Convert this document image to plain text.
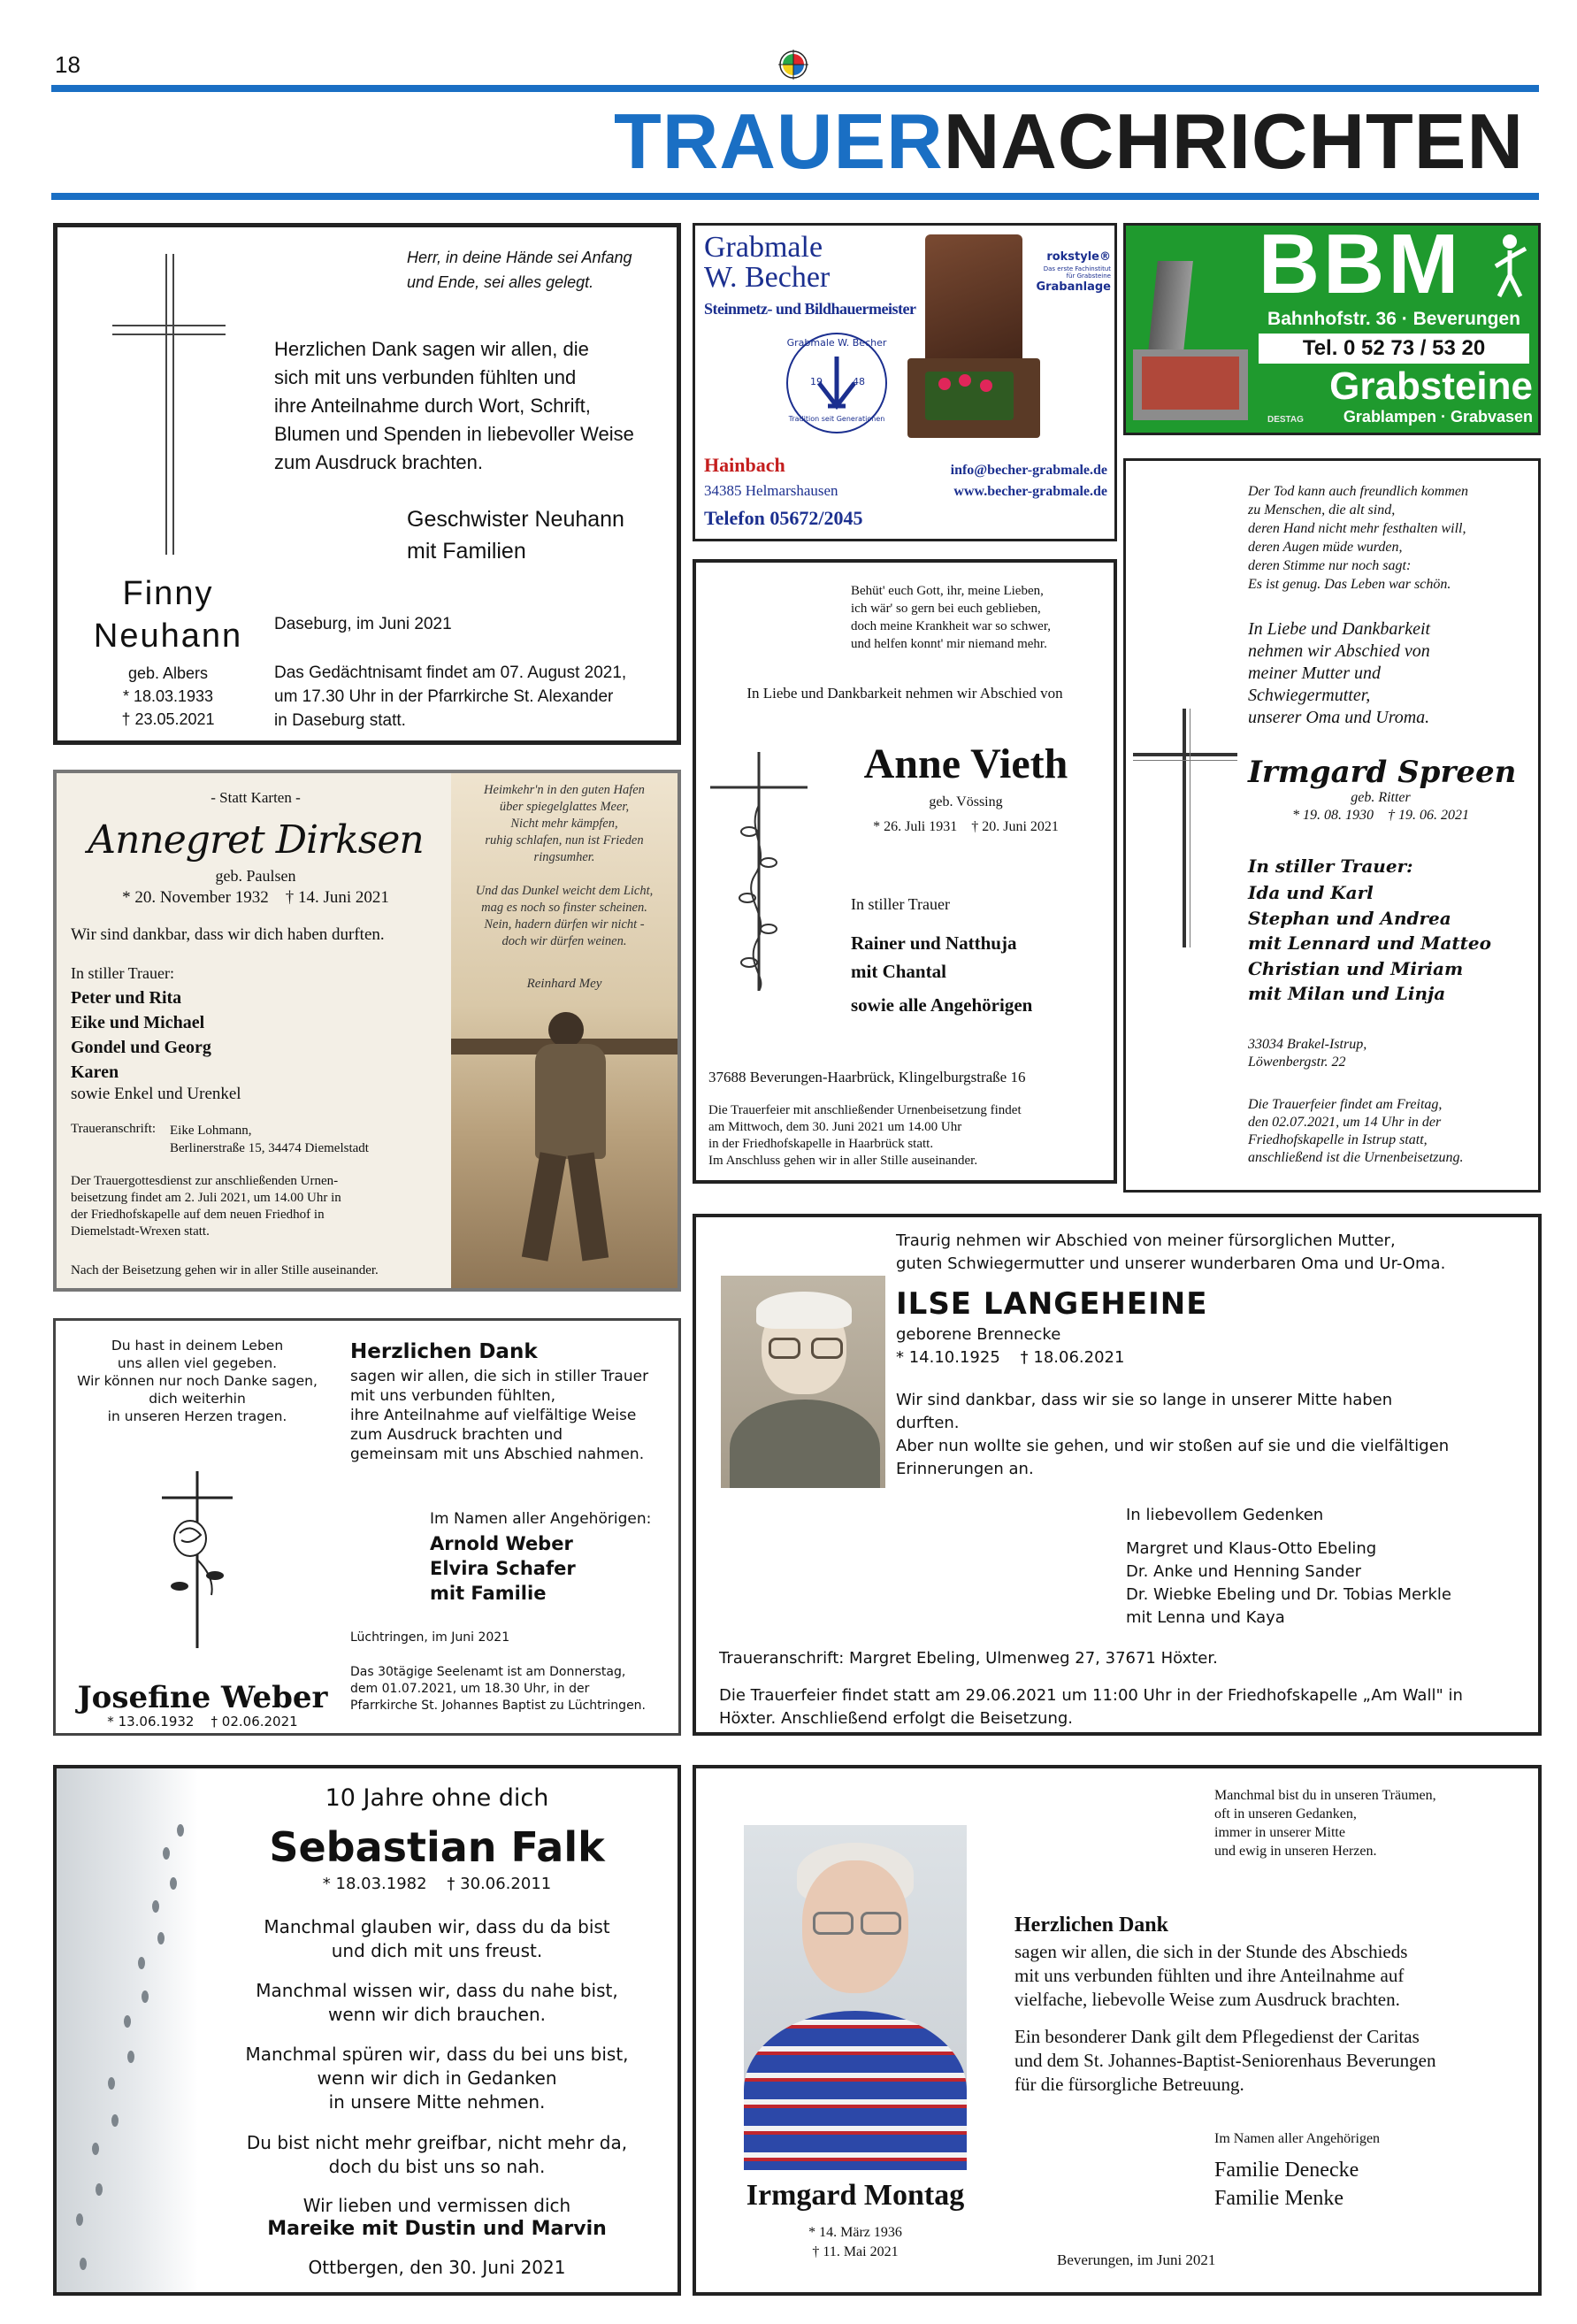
18
TRAUERNACHRICHTEN
Herr, in deine Hände sei Anfang
und Ende, sei alles gelegt.
Herzlichen Dank sagen wir allen, die
sich mit uns verbunden fühlten und
ihre Anteilnahme durch Wort, Schrift,
Blumen und Spenden in liebevoller Weise
zum Ausdruck brachten.
Geschwister Neuhann
mit Familien
Finny
Neuhann
geb. Albers
* 18.03.1933
† 23.05.2021
Daseburg, im Juni 2021
Das Gedächtnisamt findet am 07. August 2021,
um 17.30 Uhr in der Pfarrkirche St. Alexander
in Daseburg statt.
Grabmale
W. Becher
Steinmetz- und Bildhauermeister
Grabmale W. Becher
19	48
Tradition seit Generationen
rokstyle®
Das erste Fachinstitut
für Grabsteine
Grabanlage
Hainbach
34385 Helmarshausen
Telefon 05672/2045
info@becher-grabmale.de
www.becher-grabmale.de
BBM
Bahnhofstr. 36 · Beverungen
Tel. 0 52 73 / 53 20
Grabsteine
Grablampen · Grabvasen
DESTAG
Behüt' euch Gott, ihr, meine Lieben,
ich wär' so gern bei euch geblieben,
doch meine Krankheit war so schwer,
und helfen konnt' mir niemand mehr.
In Liebe und Dankbarkeit nehmen wir Abschied von
Anne Vieth
geb. Vössing
* 26. Juli 1931    † 20. Juni 2021
In stiller Trauer
Rainer und Natthuja
mit Chantal
sowie alle Angehörigen
37688 Beverungen-Haarbrück, Klingelburgstraße 16
Die Trauerfeier mit anschließender Urnenbeisetzung findet
am Mittwoch, dem 30. Juni 2021 um 14.00 Uhr
in der Friedhofskapelle in Haarbrück statt.
Im Anschluss gehen wir in aller Stille auseinander.
Der Tod kann auch freundlich kommen
zu Menschen, die alt sind,
deren Hand nicht mehr festhalten will,
deren Augen müde wurden,
deren Stimme nur noch sagt:
Es ist genug. Das Leben war schön.
In Liebe und Dankbarkeit
nehmen wir Abschied von
meiner Mutter und
Schwiegermutter,
unserer Oma und Uroma.
Irmgard Spreen
geb. Ritter
* 19. 08. 1930    † 19. 06. 2021
In stiller Trauer:
Ida und Karl
Stephan und Andrea
mit Lennard und Matteo
Christian und Miriam
mit Milan und Linja
33034 Brakel-Istrup,
Löwenbergstr. 22
Die Trauerfeier findet am Freitag,
den 02.07.2021, um 14 Uhr in der
Friedhofskapelle in Istrup statt,
anschließend ist die Urnenbeisetzung.
- Statt Karten -
Annegret Dirksen
geb. Paulsen
* 20. November 1932    † 14. Juni 2021
Wir sind dankbar, dass wir dich haben durften.
In stiller Trauer:
Peter und Rita
Eike und Michael
Gondel und Georg
Karen
sowie Enkel und Urenkel
Traueranschrift: Eike Lohmann,
Berlinerstraße 15, 34474 Diemelstadt
Der Trauergottesdienst zur anschließenden Urnen-
beisetzung findet am 2. Juli 2021, um 14.00 Uhr in
der Friedhofskapelle auf dem neuen Friedhof in
Diemelstadt-Wrexen statt.
Nach der Beisetzung gehen wir in aller Stille auseinander.
Heimkehr'n in den guten Hafen
über spiegelglattes Meer,
Nicht mehr kämpfen,
ruhig schlafen, nun ist Frieden
ringsumher.

Und das Dunkel weicht dem Licht,
mag es noch so finster scheinen.
Nein, hadern dürfen wir nicht -
doch wir dürfen weinen.
Reinhard Mey
Traurig nehmen wir Abschied von meiner fürsorglichen Mutter,
guten Schwiegermutter und unserer wunderbaren Oma und Ur-Oma.
ILSE LANGEHEINE
geborene Brennecke
* 14.10.1925    † 18.06.2021
Wir sind dankbar, dass wir sie so lange in unserer Mitte haben
durften.
Aber nun wollte sie gehen, und wir stoßen auf sie und die vielfältigen
Erinnerungen an.
In liebevollem Gedenken
Margret und Klaus-Otto Ebeling
Dr. Anke und Henning Sander
Dr. Wiebke Ebeling und Dr. Tobias Merkle
mit Lenna und Kaya
Traueranschrift: Margret Ebeling, Ulmenweg 27, 37671 Höxter.
Die Trauerfeier findet statt am 29.06.2021 um 11:00 Uhr in der Friedhofskapelle „Am Wall" in
Höxter. Anschließend erfolgt die Beisetzung.
Du hast in deinem Leben
uns allen viel gegeben.
Wir können nur noch Danke sagen,
dich weiterhin
in unseren Herzen tragen.
Herzlichen Dank
sagen wir allen, die sich in stiller Trauer
mit uns verbunden fühlten,
ihre Anteilnahme auf vielfältige Weise
zum Ausdruck brachten und
gemeinsam mit uns Abschied nahmen.
Im Namen aller Angehörigen:
Arnold Weber
Elvira Schafer
mit Familie
Lüchtringen, im Juni 2021
Das 30tägige Seelenamt ist am Donnerstag,
dem 01.07.2021, um 18.30 Uhr, in der
Pfarrkirche St. Johannes Baptist zu Lüchtringen.
Josefine Weber
* 13.06.1932    † 02.06.2021
10 Jahre ohne dich
Sebastian Falk
* 18.03.1982    † 30.06.2011
Manchmal glauben wir, dass du da bist
und dich mit uns freust.
Manchmal wissen wir, dass du nahe bist,
wenn wir dich brauchen.
Manchmal spüren wir, dass du bei uns bist,
wenn wir dich in Gedanken
in unsere Mitte nehmen.
Du bist nicht mehr greifbar, nicht mehr da,
doch du bist uns so nah.
Wir lieben und vermissen dich
Mareike mit Dustin und Marvin
Ottbergen, den 30. Juni 2021
Irmgard Montag
* 14. März 1936
† 11. Mai 2021
Manchmal bist du in unseren Träumen,
oft in unseren Gedanken,
immer in unserer Mitte
und ewig in unseren Herzen.
Herzlichen Dank
sagen wir allen, die sich in der Stunde des Abschieds
mit uns verbunden fühlten und ihre Anteilnahme auf
vielfache, liebevolle Weise zum Ausdruck brachten.
Ein besonderer Dank gilt dem Pflegedienst der Caritas
und dem St. Johannes-Baptist-Seniorenhaus Beverungen
für die fürsorgliche Betreuung.
Im Namen aller Angehörigen
Familie Denecke
Familie Menke
Beverungen, im Juni 2021
